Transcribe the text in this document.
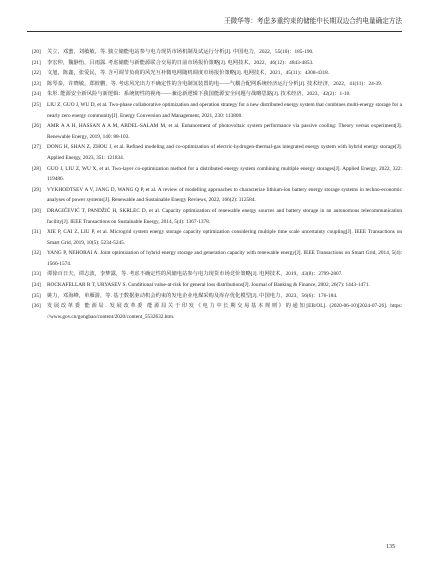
王微华等：考虑多重约束的储能中长期双边合约电量确定方法
[20]	关立，邓蜜，刘敏敏，等. 独立储能电站参与电力现货市场机制及试运行分析[J]. 中国电力，2022，55(10)：185-190.
[21]	李宏仲，魏静怡，吕雨露. 考虑储能与新能源联合交易的日前市场报价策略[J]. 电网技术，2022，46(12)：4843-4853.
[22]	文旭，陈鑫，张爱民，等. 含可调节负荷的风光互补微电网随机调度市场报价策略[J]. 电网技术，2021，45(11)：4308-4318.
[23]	陈琴泰，许晓敏，郑彼鹏，等. 考虑风光出力不确定性的含电制氢装置的电——气耦合配网系统经济运行分析[J]. 技术经济，2022，41(11)：24-39.
[24]	朱彤. 能源安全新风险与新逻辑：系统韧性的视角——兼论新逻辑下我国能源安全问题与战略思路[J]. 技术经济，2023，42(2)：1-10.
[25]	LIU Z, GUO J, WU D, et al. Two-phase collaborative optimization and operation strategy for a new distributed energy system that combines multi-energy storage for a nearly zero energy community[J]. Energy Conversion and Management, 2021, 230: 113800.
[26]	AMR A A H, HASSAN A A M, ABDEL-SALAM M, et al. Enhancement of photovoltaic system performance via passive cooling: Theory versus experiment[J]. Renewable Energy, 2019, 140: 88-103.
[27]	DONG H, SHAN Z, ZHOU J, et al. Refined modeling and co-optimization of electric-hydrogen-thermal-gas integrated energy system with hybrid energy storage[J]. Applied Energy, 2023, 351: 121834.
[28]	GUO J, LIU Z, WU X, et al. Two-layer co-optimization method for a distributed energy system combining multiple energy storages[J]. Applied Energy, 2022, 322: 119486.
[29]	VYKHODTSEV A V, JANG D, WANG Q P, et al. A review of modelling approaches to characterize lithium-ion battery energy storage systems in techno-economic analyses of power systems[J]. Renewable and Sustainable Energy Reviews, 2022, 166(2): 112584.
[30]	DRAGIČEVIĆ T, PANDŽIĆ H, SKRLEC D, et al. Capacity optimization of renewable energy sources and battery storage in an autonomous telecommunication facility[J]. IEEE Transactions on Sustainable Energy, 2014, 5(4): 1367-1378.
[31]	XIE P, CAI Z, LIU P, et al. Microgrid system energy storage capacity optimization considering multiple time scale uncertainty coupling[J]. IEEE Transactions on Smart Grid, 2019, 10(5): 5234-5245.
[32]	YANG P, NEHORAI A. Joint optimization of hybrid energy storage and generation capacity with renewable energy[J]. IEEE Transactions on Smart Grid, 2014, 5(4): 1566-1574.
[33]	谭徐百日夫，谭志波，李梦露，等. 考虑不确定性的风储电站参与电力现货市场竞价策略[J]. 电网技术，2019，43(8)：2799-2807.
[34]	ROCKAFELLAR R T, URYASEV S. Conditional value-at-risk for general loss distributions[J]. Journal of Banking & Finance, 2002, 26(7): 1443-1471.
[35]	姚力，邓海峰，单雁游，等. 基于数据驱动机会约束的发电企业电煤采购及库存优化模型[J]. 中国电力，2023，56(6)：176-184.
[36]	发展改革委 能源局. 发展改革委 能源局关于印发《电力中长期交易基本规则》的通知[EB/OL]. (2020-06-10)[2024-07-26]. https: //www.gov.cn/gongbao/content/2020/content_5532632.htm.
135
